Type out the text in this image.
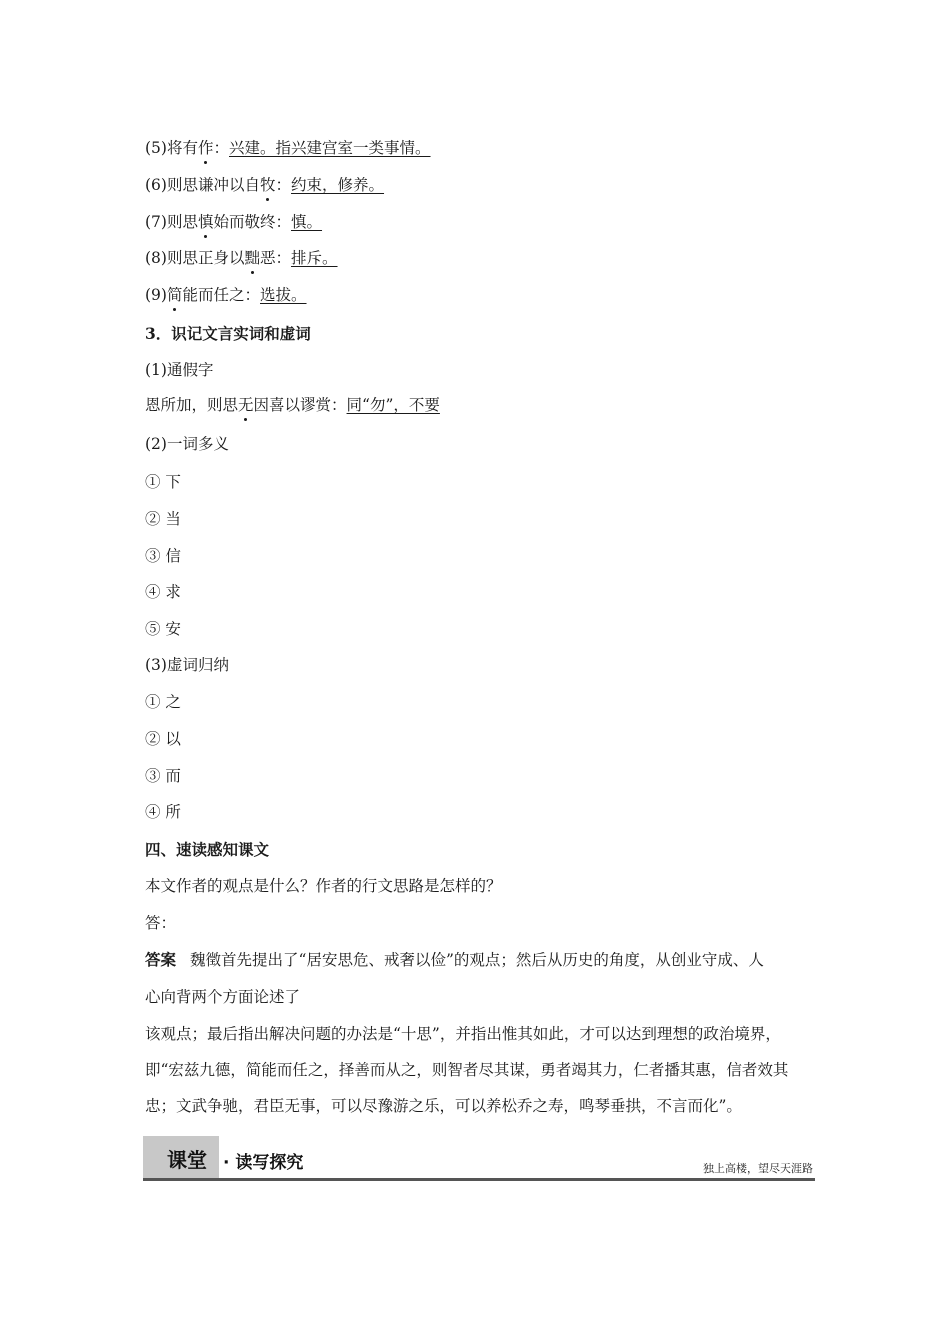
(5)将有作：兴建。指兴建宫室一类事情。
(6)则思谦冲以自牧：约束，修养。
(7)则思慎始而敬终：慎。
(8)则思正身以黜恶：排斥。
(9)简能而任之：选拔。
3．识记文言实词和虚词
(1)通假字
恩所加，则思无因喜以谬赏：同“勿”，不要
(2)一词多义
① 下
② 当
③ 信
④ 求
⑤ 安
(3)虚词归纳
① 之
② 以
③ 而
④ 所
四、速读感知课文
本文作者的观点是什么？作者的行文思路是怎样的？
答：
答案 魏徵首先提出了“居安思危、戒奢以俭”的观点；然后从历史的角度，从创业守成、人
心向背两个方面论述了
该观点；最后指出解决问题的办法是“十思”，并指出惟其如此，才可以达到理想的政治境界，
即“宏兹九德，简能而任之，择善而从之，则智者尽其谋，勇者竭其力，仁者播其惠，信者效其
忠；文武争驰，君臣无事，可以尽豫游之乐，可以养松乔之寿，鸣琴垂拱，不言而化”。
课堂 · 读写探究	独上高楼，望尽天涯路
